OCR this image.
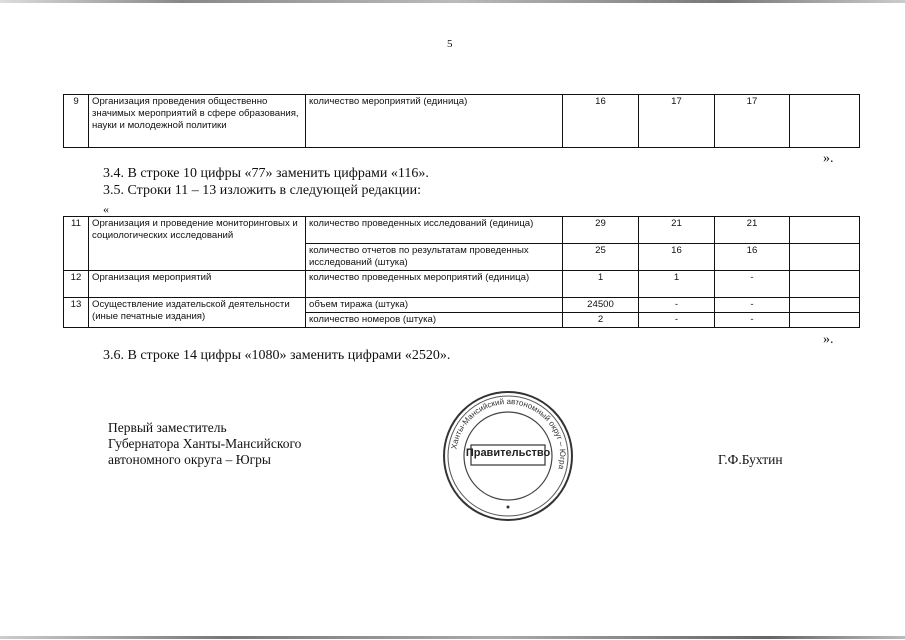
5
9	Организация проведения общественно значимых мероприятий в сфере образования, науки и молодежной политики	количество мероприятий (единица)	16	17	17	
».
3.4. В строке 10 цифры «77» заменить цифрами «116».
3.5. Строки 11 – 13 изложить в следующей редакции:
«
11	Организация и проведение мониторинговых и социологических исследований	количество проведенных исследований (единица)	29	21	21	
		количество отчетов по результатам проведенных исследований (штука)	25	16	16	
12	Организация мероприятий	количество проведенных мероприятий (единица)	1	1	-	
13	Осуществление издательской деятельности (иные печатные издания)	объем тиража (штука)	24500	-	-	
		количество номеров (штука)	2	-	-	
».
3.6. В строке 14 цифры «1080» заменить цифрами «2520».
Первый заместитель
Губернатора Ханты-Мансийского
автономного округа – Югры	Г.Ф.Бухтин
Ханты-Мансийский автономный округ – Югра
Правительство
